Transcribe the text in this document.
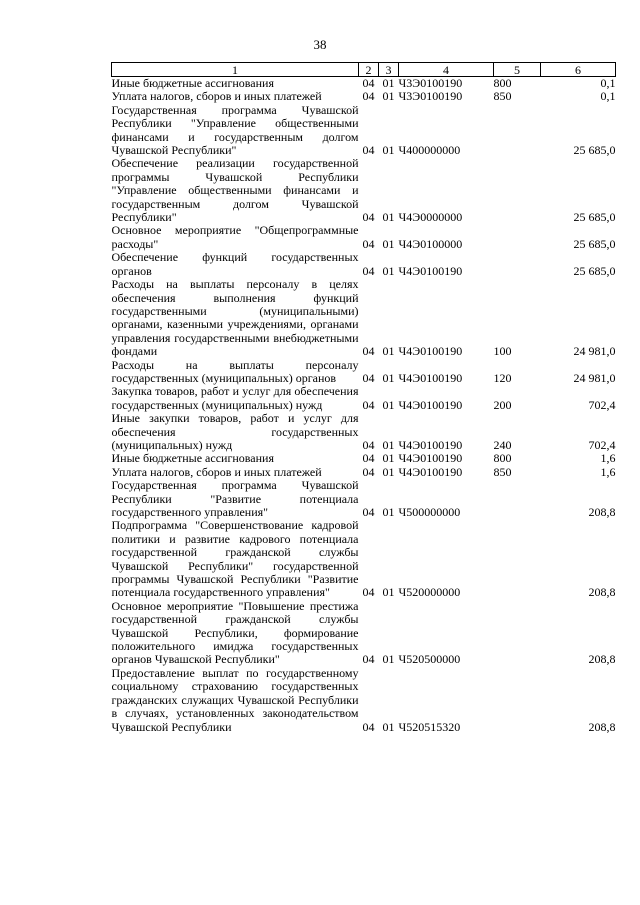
38
1	2	3	4	5	6
Иные бюджетные ассигнования	04	01	Ч3Э0100190	800	0,1
Уплата налогов, сборов и иных платежей	04	01	Ч3Э0100190	850	0,1
Государственная программа Чувашской Республики "Управление общественными финансами и государственным долгом Чувашской Республики"	04	01	Ч400000000		25 685,0
Обеспечение реализации государственной программы Чувашской Республики "Управление общественными финансами и государственным долгом Чувашской Республики"	04	01	Ч4Э0000000		25 685,0
Основное мероприятие "Общепрограммные расходы"	04	01	Ч4Э0100000		25 685,0
Обеспечение функций государственных органов	04	01	Ч4Э0100190		25 685,0
Расходы на выплаты персоналу в целях обеспечения выполнения функций государственными (муниципальными) органами, казенными учреждениями, органами управления государственными внебюджетными фондами	04	01	Ч4Э0100190	100	24 981,0
Расходы на выплаты персоналу государственных (муниципальных) органов	04	01	Ч4Э0100190	120	24 981,0
Закупка товаров, работ и услуг для обеспечения государственных (муниципальных) нужд	04	01	Ч4Э0100190	200	702,4
Иные закупки товаров, работ и услуг для обеспечения государственных (муниципальных) нужд	04	01	Ч4Э0100190	240	702,4
Иные бюджетные ассигнования	04	01	Ч4Э0100190	800	1,6
Уплата налогов, сборов и иных платежей	04	01	Ч4Э0100190	850	1,6
Государственная программа Чувашской Республики "Развитие потенциала государственного управления"	04	01	Ч500000000		208,8
Подпрограмма "Совершенствование кадровой политики и развитие кадрового потенциала государственной гражданской службы Чувашской Республики" государственной программы Чувашской Республики "Развитие потенциала государственного управления"	04	01	Ч520000000		208,8
Основное мероприятие "Повышение престижа государственной гражданской службы Чувашской Республики, формирование положительного имиджа государственных органов Чувашской Республики"	04	01	Ч520500000		208,8
Предоставление выплат по государственному социальному страхованию государственных гражданских служащих Чувашской Республики в случаях, установленных законодательством Чувашской Республики	04	01	Ч520515320		208,8
